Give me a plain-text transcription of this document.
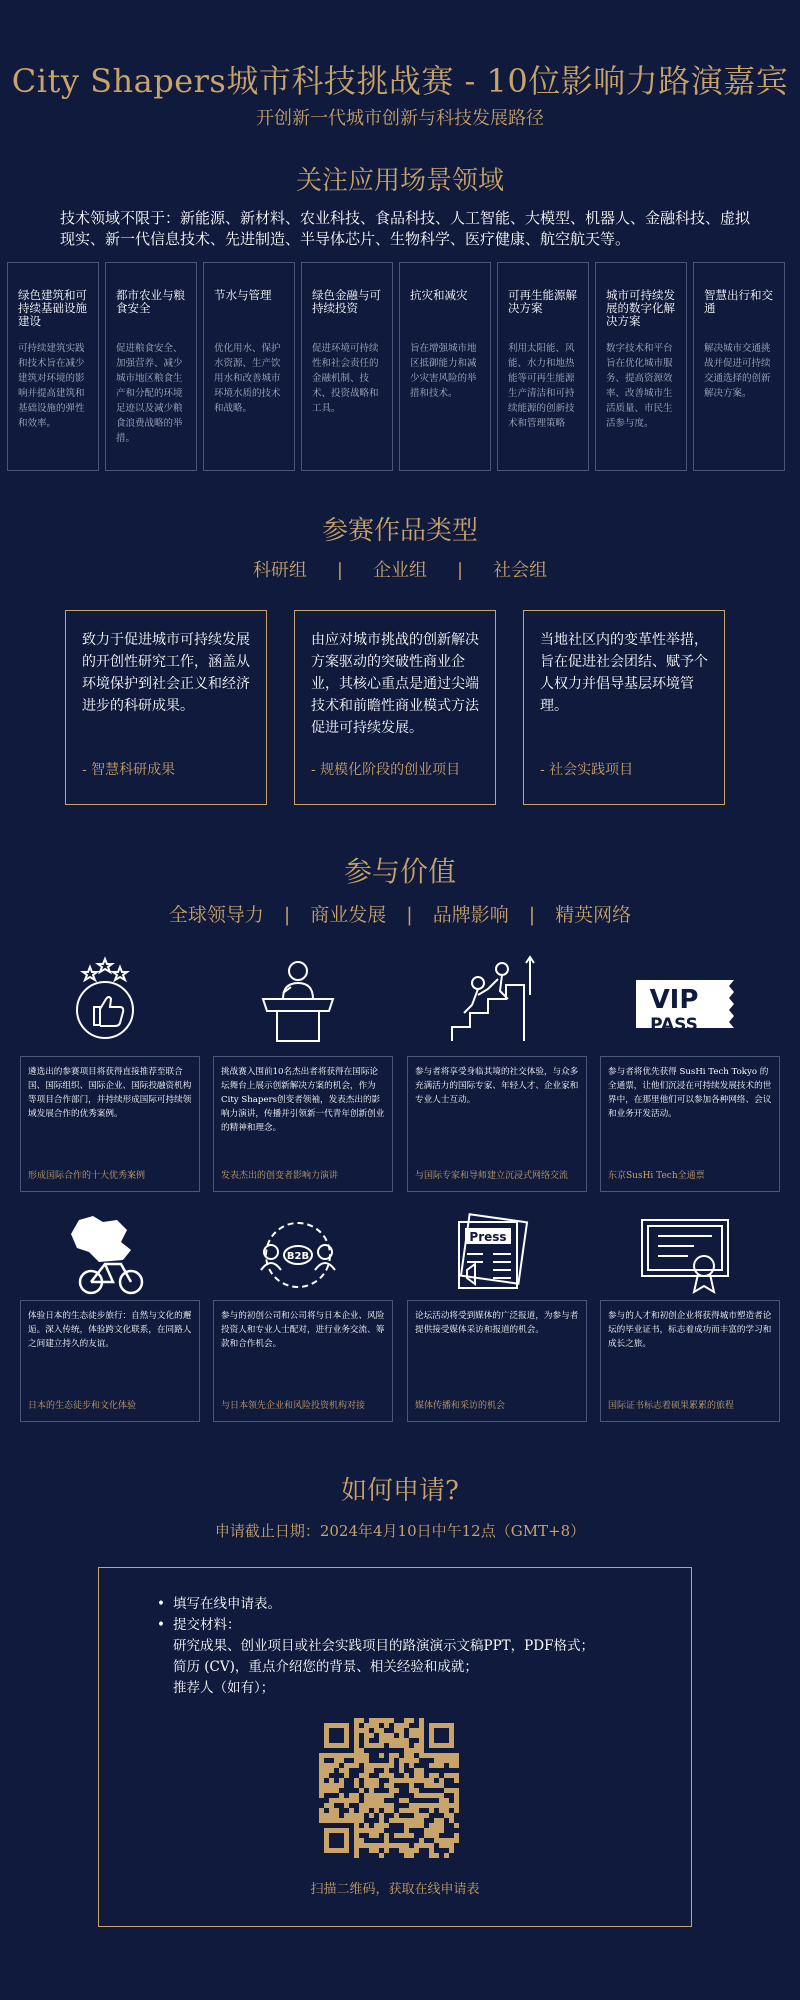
City Shapers城市科技挑战赛 - 10位影响力路演嘉宾
开创新一代城市创新与科技发展路径
关注应用场景领域
技术领域不限于：新能源、新材料、农业科技、食品科技、人工智能、大模型、机器人、金融科技、虚拟现实、新一代信息技术、先进制造、半导体芯片、生物科学、医疗健康、航空航天等。
绿色建筑和可持续基础设施建设
可持续建筑实践和技术旨在减少建筑对环境的影响并提高建筑和基础设施的弹性和效率。
都市农业与粮食安全
促进粮食安全、加强营养、减少城市地区粮食生产和分配的环境足迹以及减少粮食浪费战略的举措。
节水与管理
优化用水、保护水资源、生产饮用水和改善城市环境水质的技术和战略。
绿色金融与可持续投资
促进环境可持续性和社会责任的金融机制、技术、投资战略和工具。
抗灾和减灾
旨在增强城市地区抵御能力和减少灾害风险的举措和技术。
可再生能源解决方案
利用太阳能、风能、水力和地热能等可再生能源生产清洁和可持续能源的创新技术和管理策略
城市可持续发展的数字化解决方案
数字技术和平台旨在优化城市服务、提高资源效率、改善城市生活质量、市民生活参与度。
智慧出行和交通
解决城市交通挑战并促进可持续交通选择的创新解决方案。
参赛作品类型
科研组 | 企业组 | 社会组
致力于促进城市可持续发展的开创性研究工作，涵盖从环境保护到社会正义和经济进步的科研成果。
- 智慧科研成果
由应对城市挑战的创新解决方案驱动的突破性商业企业，其核心重点是通过尖端技术和前瞻性商业模式方法促进可持续发展。
- 规模化阶段的创业项目
当地社区内的变革性举措，旨在促进社会团结、赋予个人权力并倡导基层环境管理。
- 社会实践项目
参与价值
全球领导力 | 商业发展 | 品牌影响 | 精英网络
VIP
PASS
遴选出的参赛项目将获得直接推荐至联合国、国际组织、国际企业、国际投融资机构等项目合作部门，并持续形成国际可持续领域发展合作的优秀案例。
形成国际合作的十大优秀案例
挑战赛入围前10名杰出者将获得在国际论坛舞台上展示创新解决方案的机会，作为City Shapers创变者领袖，发表杰出的影响力演讲，传播并引领新一代青年创新创业的精神和理念。
发表杰出的创变者影响力演讲
参与者将享受身临其境的社交体验，与众多充满活力的国际专家、年轻人才、企业家和专业人士互动。
与国际专家和导师建立沉浸式网络交流
参与者将优先获得 SusHi Tech Tokyo 的全通票，让他们沉浸在可持续发展技术的世界中，在那里他们可以参加各种网络、会议和业务开发活动。
东京SusHi Tech全通票
B2B
Press
体验日本的生态徒步旅行：自然与文化的邂逅。深入传统，体验跨文化联系，在同路人之间建立持久的友谊。
日本的生态徒步和文化体验
参与的初创公司和公司将与日本企业、风险投资人和专业人士配对，进行业务交流、筹款和合作机会。
与日本领先企业和风险投资机构对接
论坛活动将受到媒体的广泛报道，为参与者提供接受媒体采访和报道的机会。
媒体传播和采访的机会
参与的人才和初创企业将获得城市塑造者论坛的毕业证书，标志着成功而丰富的学习和成长之旅。
国际证书标志着硕果累累的旅程
如何申请?
申请截止日期：2024年4月10日中午12点（GMT+8）
• 填写在线申请表。
• 提交材料：
研究成果、创业项目或社会实践项目的路演演示文稿PPT，PDF格式；
简历 (CV)，重点介绍您的背景、相关经验和成就；
推荐人（如有）；
扫描二维码，获取在线申请表
